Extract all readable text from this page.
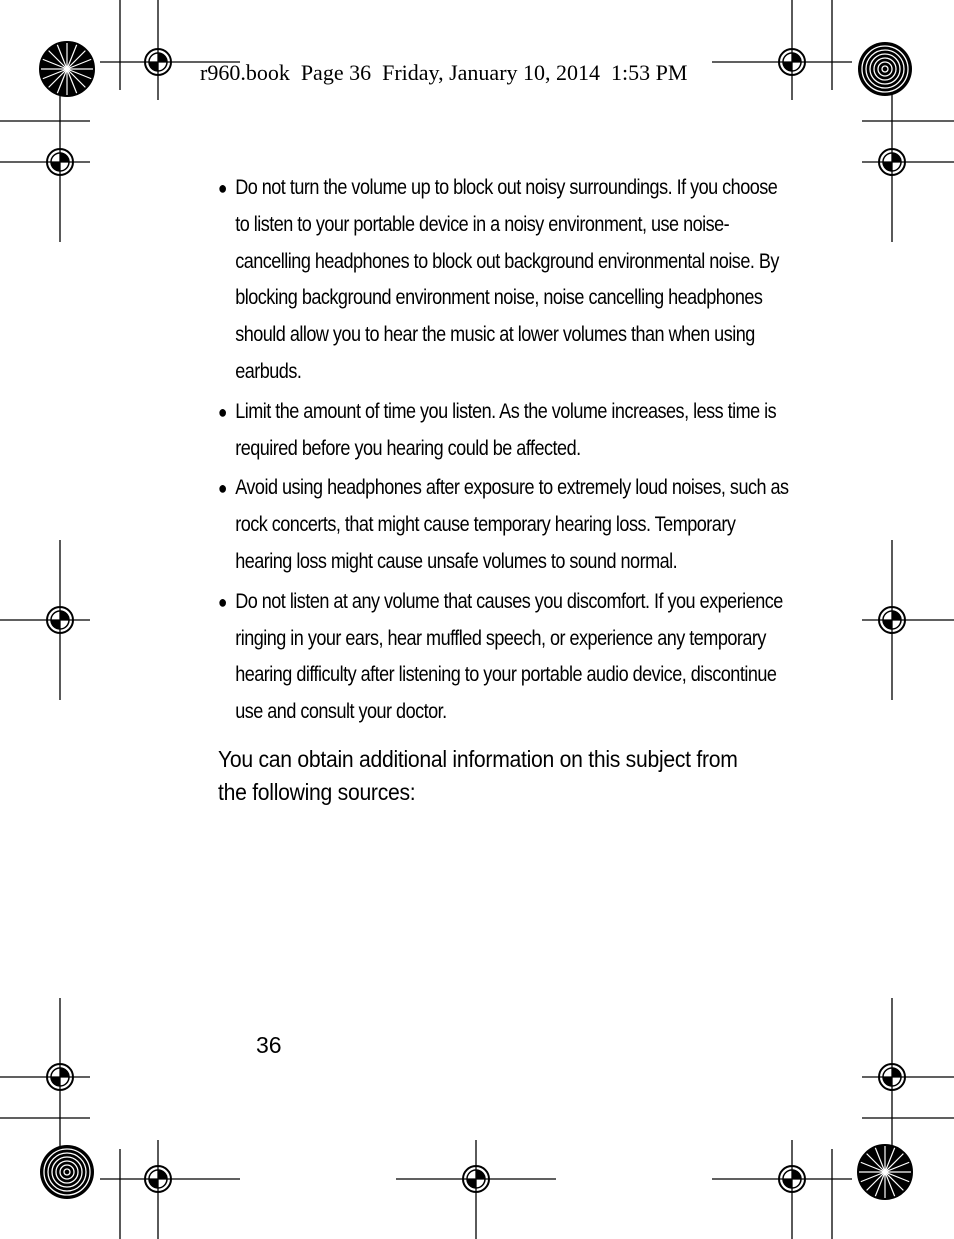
r960.book  Page 36  Friday, January 10, 2014  1:53 PM
● Do not turn the volume up to block out noisy surroundings. If you choose to listen to your portable device in a noisy environment, use noise-cancelling headphones to block out background environmental noise. By blocking background environment noise, noise cancelling headphones should allow you to hear the music at lower volumes than when using earbuds.
● Limit the amount of time you listen. As the volume increases, less time is required before you hearing could be affected.
● Avoid using headphones after exposure to extremely loud noises, such as rock concerts, that might cause temporary hearing loss. Temporary hearing loss might cause unsafe volumes to sound normal.
● Do not listen at any volume that causes you discomfort. If you experience ringing in your ears, hear muffled speech, or experience any temporary hearing difficulty after listening to your portable audio device, discontinue use and consult your doctor.

You can obtain additional information on this subject from the following sources:

36
